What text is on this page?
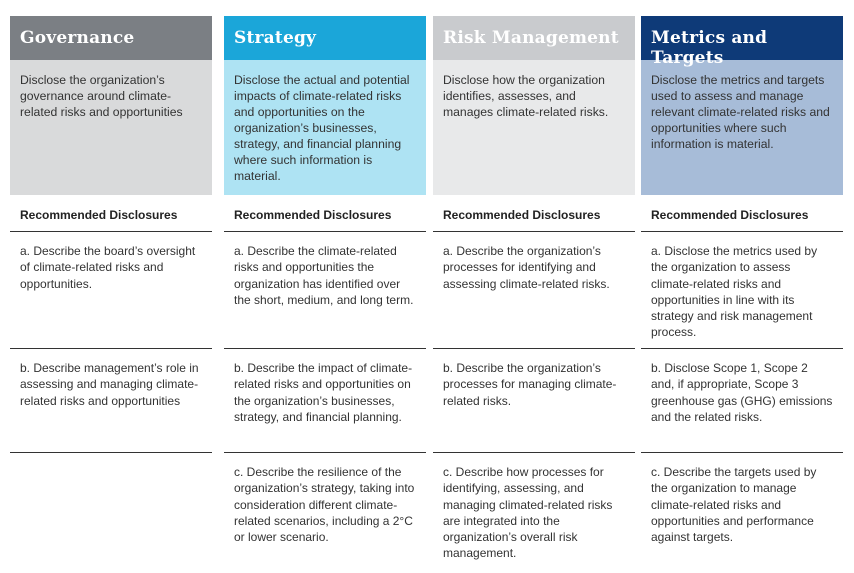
Governance
Disclose the organization’s governance around climate-related risks and opportunities
Recommended Disclosures
a. Describe the board’s oversight of climate-related risks and opportunities.
b. Describe management’s role in assessing and managing climate-related risks and opportunities
Strategy
Disclose the actual and potential impacts of climate-related risks and opportunities on the organization’s businesses, strategy, and financial planning where such information is material.
Recommended Disclosures
a. Describe the climate-related risks and opportunities the organization has identified over the short, medium, and long term.
b. Describe the impact of climate-related risks and opportunities on the organization’s businesses, strategy, and financial planning.
c. Describe the resilience of the organization’s strategy, taking into consideration different climate-related scenarios, including a 2°C or lower scenario.
Risk Management
Disclose how the organization identifies, assesses, and manages climate-related risks.
Recommended Disclosures
a. Describe the organization’s processes for identifying and assessing climate-related risks.
b. Describe the organization’s processes for managing climate-related risks.
c. Describe how processes for identifying, assessing, and managing climated-related risks are integrated into the organization’s overall risk management.
Metrics and Targets
Disclose the metrics and targets used to assess and manage relevant climate-related risks and opportunities where such information is material.
Recommended Disclosures
a. Disclose the metrics used by the organization to assess climate-related risks and opportunities in line with its strategy and risk management process.
b. Disclose Scope 1, Scope 2 and, if appropriate, Scope 3 greenhouse gas (GHG) emissions and the related risks.
c. Describe the targets used by the organization to manage climate-related risks and opportunities and performance against targets.
